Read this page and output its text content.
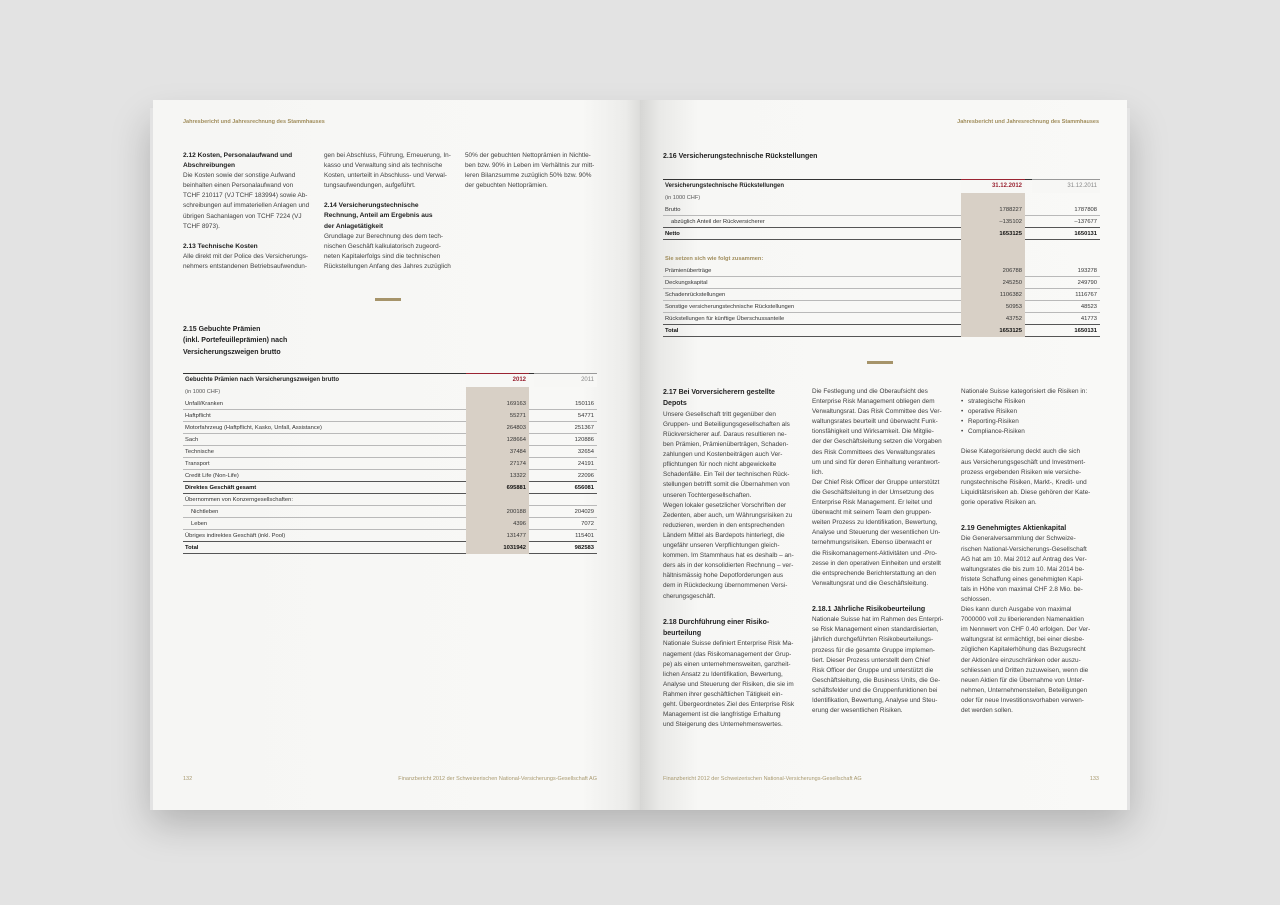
Jahresbericht und Jahresrechnung des Stammhauses
2.12 Kosten, Personalaufwand und
Abschreibungen
Die Kosten sowie der sonstige Aufwand
beinhalten einen Personalaufwand von
TCHF 210117 (VJ TCHF 183994) sowie Ab-
schreibungen auf immateriellen Anlagen und
übrigen Sachanlagen von TCHF 7224 (VJ
TCHF 8973).
2.13 Technische Kosten
Alle direkt mit der Police des Versicherungs-
nehmers entstandenen Betriebsaufwendun-
gen bei Abschluss, Führung, Erneuerung, In-
kasso und Verwaltung sind als technische
Kosten, unterteilt in Abschluss- und Verwal-
tungsaufwendungen, aufgeführt.
2.14 Versicherungstechnische
Rechnung, Anteil am Ergebnis aus
der Anlagetätigkeit
Grundlage zur Berechnung des dem tech-
nischen Geschäft kalkulatorisch zugeord-
neten Kapitalerfolgs sind die technischen
Rückstellungen Anfang des Jahres zuzüglich
50% der gebuchten Nettoprämien in Nichtle-
ben bzw. 90% in Leben im Verhältnis zur mitt-
leren Bilanzsumme zuzüglich 50% bzw. 90%
der gebuchten Nettoprämien.
2.15 Gebuchte Prämien
(inkl. Portefeuilleprämien) nach
Versicherungszweigen brutto
Gebuchte Prämien nach Versicherungszweigen brutto	2012	2011
(in 1000 CHF)
Unfall/Kranken	169163	150116
Haftpflicht	55271	54771
Motorfahrzeug (Haftpflicht, Kasko, Unfall, Assistance)	264803	251367
Sach	128664	120886
Technische	37484	32654
Transport	27174	24191
Credit Life (Non-Life)	13322	22096
Direktes Geschäft gesamt	695881	656081
Übernommen von Konzerngesellschaften:
Nichtleben	200188	204029
Leben	4396	7072
Übriges indirektes Geschäft (inkl. Pool)	131477	115401
Total	1031942	982583
132	Finanzbericht 2012 der Schweizerischen National-Versicherungs-Gesellschaft AG
Jahresbericht und Jahresrechnung des Stammhauses
2.16 Versicherungstechnische Rückstellungen
Versicherungstechnische Rückstellungen	31.12.2012	31.12.2011
(in 1000 CHF)
Brutto	1788227	1787808
abzüglich Anteil der Rückversicherer	–135102	–137677
Netto	1653125	1650131
Sie setzen sich wie folgt zusammen:
Prämienüberträge	206788	193278
Deckungskapital	245250	249790
Schadenrückstellungen	1106382	1116767
Sonstige versicherungstechnische Rückstellungen	50953	48523
Rückstellungen für künftige Überschussanteile	43752	41773
Total	1653125	1650131
2.17 Bei Vorversicherern gestellte
Depots
Unsere Gesellschaft tritt gegenüber den
Gruppen- und Beteiligungsgesellschaften als
Rückversicherer auf. Daraus resultieren ne-
ben Prämien, Prämienüberträgen, Schaden-
zahlungen und Kostenbeiträgen auch Ver-
pflichtungen für noch nicht abgewickelte
Schadenfälle. Ein Teil der technischen Rück-
stellungen betrifft somit die Übernahmen von
unseren Tochtergesellschaften.
Wegen lokaler gesetzlicher Vorschriften der
Zedenten, aber auch, um Währungsrisiken zu
reduzieren, werden in den entsprechenden
Ländern Mittel als Bardepots hinterlegt, die
ungefähr unseren Verpflichtungen gleich-
kommen. Im Stammhaus hat es deshalb – an-
ders als in der konsolidierten Rechnung – ver-
hältnismässig hohe Depotforderungen aus
dem in Rückdeckung übernommenen Versi-
cherungsgeschäft.
2.18 Durchführung einer Risiko-
beurteilung
Nationale Suisse definiert Enterprise Risk Ma-
nagement (das Risikomanagement der Grup-
pe) als einen unternehmensweiten, ganzheit-
lichen Ansatz zu Identifikation, Bewertung,
Analyse und Steuerung der Risiken, die sie im
Rahmen ihrer geschäftlichen Tätigkeit ein-
geht. Übergeordnetes Ziel des Enterprise Risk
Management ist die langfristige Erhaltung
und Steigerung des Unternehmenswertes.
Die Festlegung und die Oberaufsicht des
Enterprise Risk Management obliegen dem
Verwaltungsrat. Das Risk Committee des Ver-
waltungsrates beurteilt und überwacht Funk-
tionsfähigkeit und Wirksamkeit. Die Mitglie-
der der Geschäftsleitung setzen die Vorgaben
des Risk Committees des Verwaltungsrates
um und sind für deren Einhaltung verantwort-
lich.
Der Chief Risk Officer der Gruppe unterstützt
die Geschäftsleitung in der Umsetzung des
Enterprise Risk Management. Er leitet und
überwacht mit seinem Team den gruppen-
weiten Prozess zu Identifikation, Bewertung,
Analyse und Steuerung der wesentlichen Un-
ternehmungsrisiken. Ebenso überwacht er
die Risikomanagement-Aktivitäten und -Pro-
zesse in den operativen Einheiten und erstellt
die entsprechende Berichterstattung an den
Verwaltungsrat und die Geschäftsleitung.
2.18.1 Jährliche Risikobeurteilung
Nationale Suisse hat im Rahmen des Enterpri-
se Risk Management einen standardisierten,
jährlich durchgeführten Risikobeurteilungs-
prozess für die gesamte Gruppe implemen-
tiert. Dieser Prozess unterstellt dem Chief
Risk Officer der Gruppe und unterstützt die
Geschäftsleitung, die Business Units, die Ge-
schäftsfelder und die Gruppenfunktionen bei
Identifikation, Bewertung, Analyse und Steu-
erung der wesentlichen Risiken.
Nationale Suisse kategorisiert die Risiken in:
• strategische Risiken
• operative Risiken
• Reporting-Risiken
• Compliance-Risiken
Diese Kategorisierung deckt auch die sich
aus Versicherungsgeschäft und Investment-
prozess ergebenden Risiken wie versiche-
rungstechnische Risiken, Markt-, Kredit- und
Liquiditätsrisiken ab. Diese gehören der Kate-
gorie operative Risiken an.
2.19 Genehmigtes Aktienkapital
Die Generalversammlung der Schweize-
rischen National-Versicherungs-Gesellschaft
AG hat am 10. Mai 2012 auf Antrag des Ver-
waltungsrates die bis zum 10. Mai 2014 be-
fristete Schaffung eines genehmigten Kapi-
tals in Höhe von maximal CHF 2.8 Mio. be-
schlossen.
Dies kann durch Ausgabe von maximal
7000000 voll zu liberierenden Namenaktien
im Nennwert von CHF 0.40 erfolgen. Der Ver-
waltungsrat ist ermächtigt, bei einer diesbe-
züglichen Kapitalerhöhung das Bezugsrecht
der Aktionäre einzuschränken oder auszu-
schliessen und Dritten zuzuweisen, wenn die
neuen Aktien für die Übernahme von Unter-
nehmen, Unternehmensteilen, Beteiligungen
oder für neue Investitionsvorhaben verwen-
det werden sollen.
Finanzbericht 2012 der Schweizerischen National-Versicherungs-Gesellschaft AG	133
